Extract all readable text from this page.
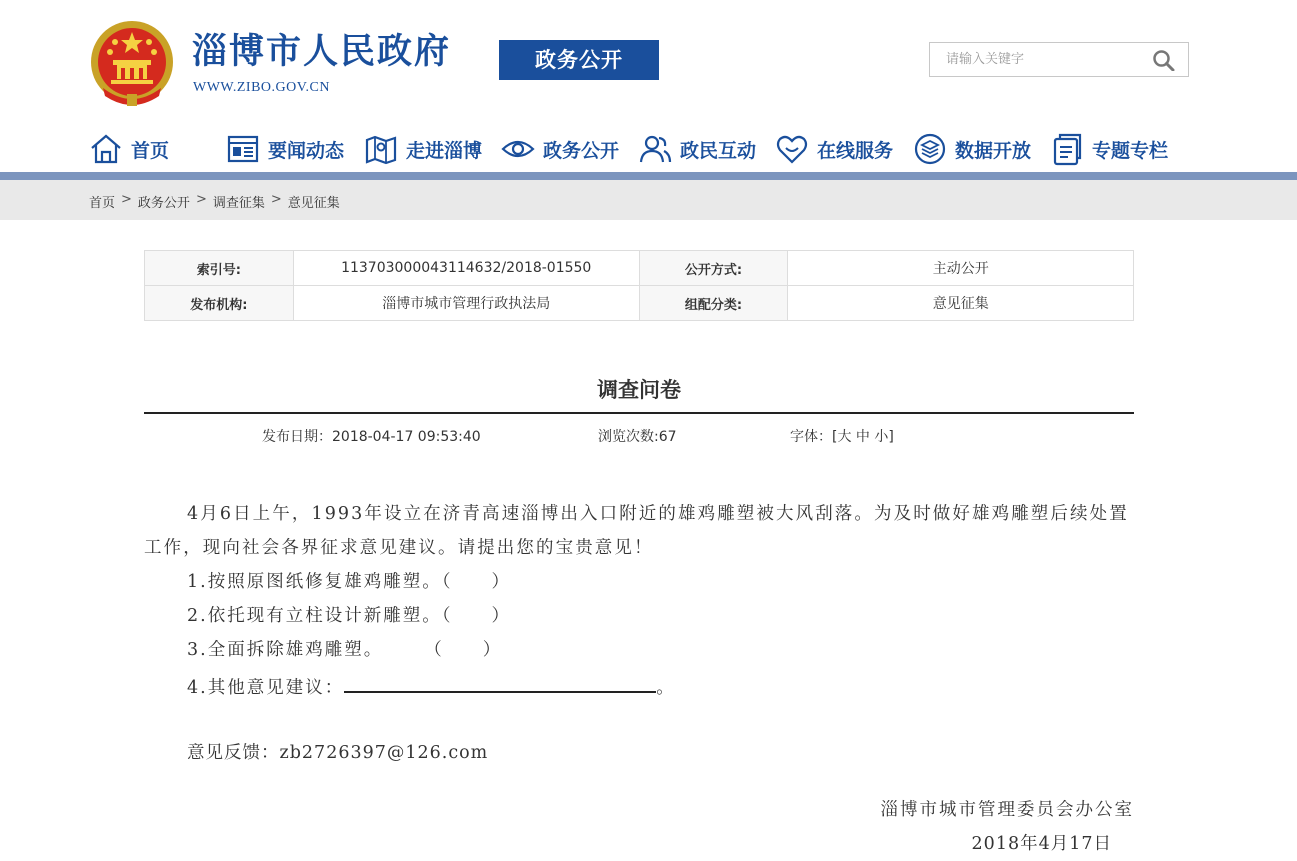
淄博市人民政府
WWW.ZIBO.GOV.CN
政务公开
请输入关键字
首页	要闻动态	走进淄博	政务公开	政民互动	在线服务	数据开放	专题专栏
首页 > 政务公开 > 调查征集 > 意见征集
索引号:	113703000043114632/2018-01550	公开方式:	主动公开
发布机构:	淄博市城市管理行政执法局	组配分类:	意见征集
调查问卷
发布日期：2018-04-17 09:53:40	浏览次数:67	字体：[大 中 小]

4月6日上午，1993年设立在济青高速淄博出入口附近的雄鸡雕塑被大风刮落。为及时做好雄鸡雕塑后续处置工作，现向社会各界征求意见建议。请提出您的宝贵意见！

1.按照原图纸修复雄鸡雕塑。（　　）

2.依托现有立柱设计新雕塑。（　　）

3.全面拆除雄鸡雕塑。　　　（　　）

4.其他意见建议：	。

意见反馈：zb2726397@126.com

淄博市城市管理委员会办公室
2018年4月17日
